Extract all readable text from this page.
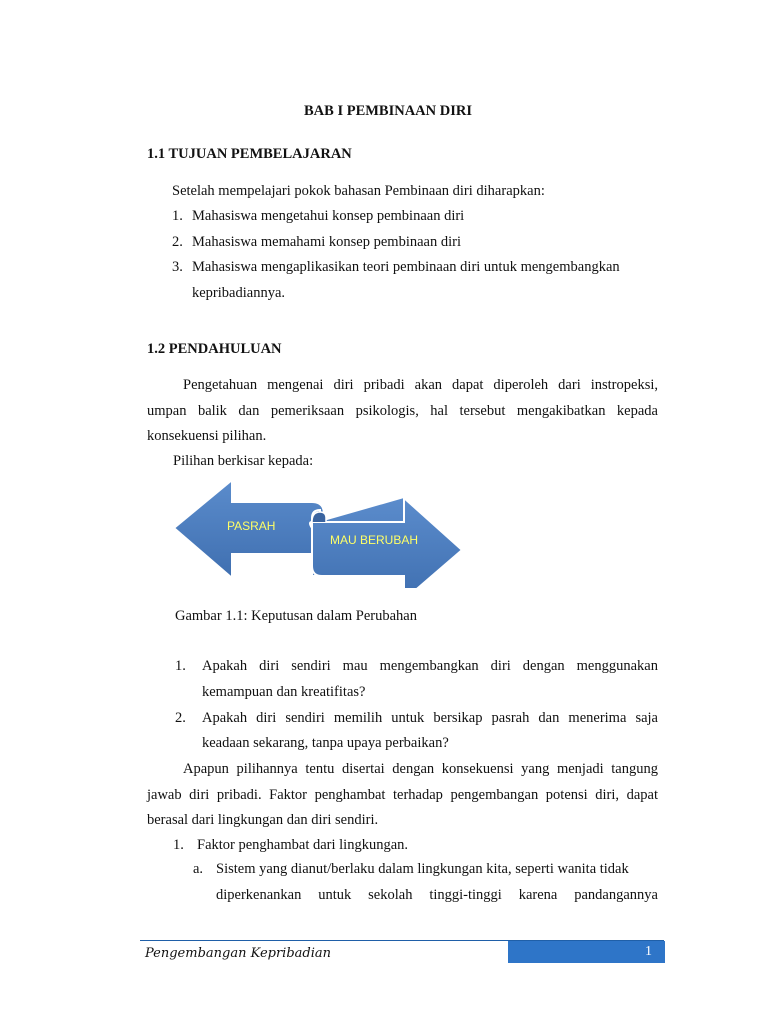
BAB I PEMBINAAN DIRI
1.1 TUJUAN PEMBELAJARAN
Setelah mempelajari pokok bahasan Pembinaan diri diharapkan:
1. Mahasiswa mengetahui konsep pembinaan diri
2. Mahasiswa memahami konsep pembinaan diri
3. Mahasiswa mengaplikasikan teori pembinaan diri untuk mengembangkan
kepribadiannya.
1.2 PENDAHULUAN
Pengetahuan mengenai diri pribadi akan dapat diperoleh dari instropeksi,
umpan balik dan pemeriksaan psikologis, hal tersebut mengakibatkan kepada
konsekuensi pilihan.
Pilihan berkisar kepada:
PASRAH
MAU BERUBAH
Gambar 1.1: Keputusan dalam Perubahan
1. Apakah diri sendiri mau mengembangkan diri dengan menggunakan
kemampuan dan kreatifitas?
2. Apakah diri sendiri memilih untuk bersikap pasrah dan menerima saja
keadaan sekarang, tanpa upaya perbaikan?
Apapun pilihannya tentu disertai dengan konsekuensi yang menjadi tangung
jawab diri pribadi. Faktor penghambat terhadap pengembangan potensi diri, dapat
berasal dari lingkungan dan diri sendiri.
1. Faktor penghambat dari lingkungan.
a. Sistem yang dianut/berlaku dalam lingkungan kita, seperti wanita tidak
diperkenankan untuk sekolah tinggi-tinggi karena pandangannya
1
Pengembangan Kepribadian
